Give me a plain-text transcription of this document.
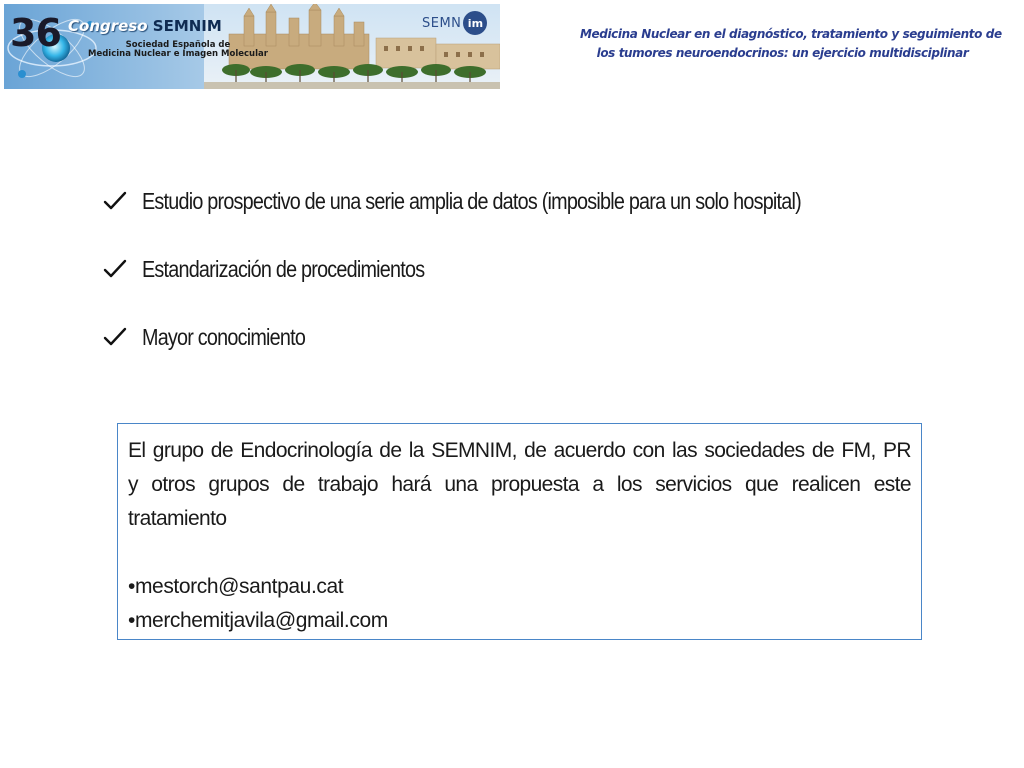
36 Congreso SEMNIM
Sociedad Española de
Medicina Nuclear e Imagen Molecular
SEMN im
Medicina Nuclear en el diagnóstico, tratamiento y seguimiento de
los tumores neuroendocrinos: un ejercicio multidisciplinar
Estudio prospectivo de una serie amplia de datos (imposible para un solo hospital)
Estandarización de procedimientos
Mayor conocimiento

El grupo de Endocrinología de la SEMNIM, de acuerdo con las sociedades de FM, PR y otros grupos de trabajo hará una propuesta a los servicios que realicen este tratamiento

•mestorch@santpau.cat
•merchemitjavila@gmail.com
